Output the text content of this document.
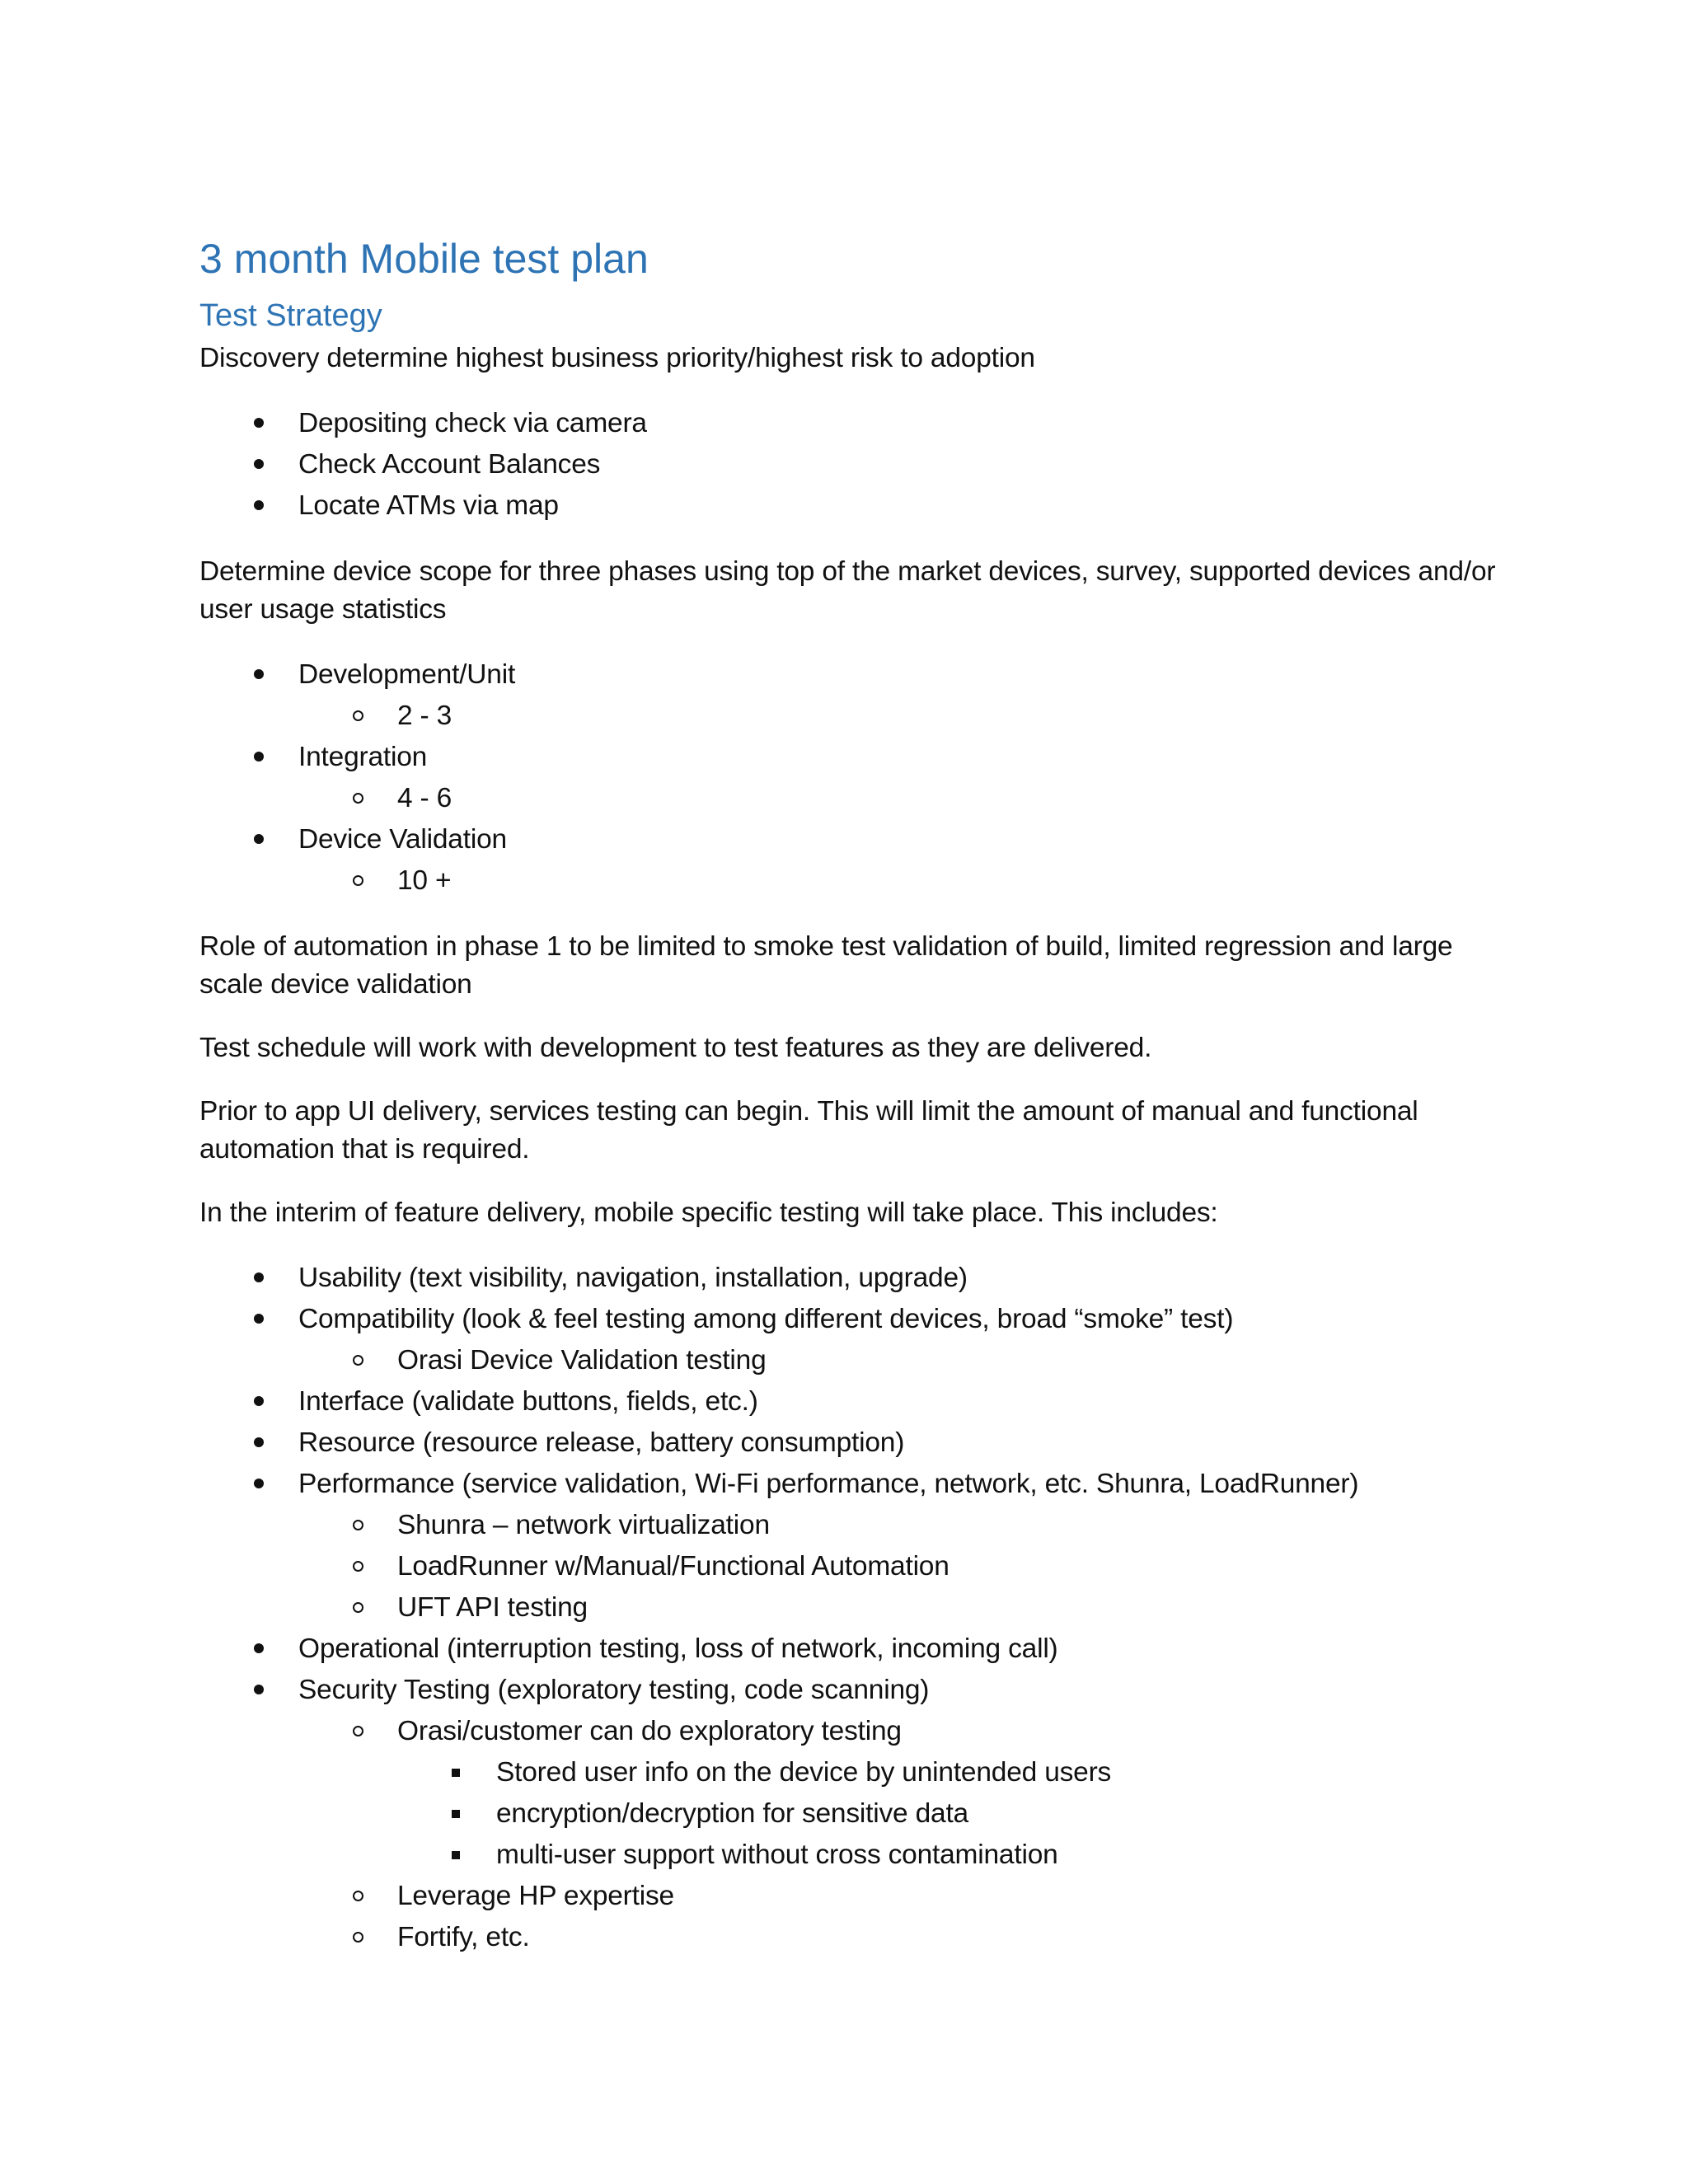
3 month Mobile test plan
Test Strategy

Discovery determine highest business priority/highest risk to adoption

Depositing check via camera
Check Account Balances
Locate ATMs via map

Determine device scope for three phases using top of the market devices, survey, supported devices and/or user usage statistics

Development/Unit
2 - 3
Integration
4 - 6
Device Validation
10 +

Role of automation in phase 1 to be limited to smoke test validation of build, limited regression and large scale device validation

Test schedule will work with development to test features as they are delivered.

Prior to app UI delivery, services testing can begin. This will limit the amount of manual and functional automation that is required.

In the interim of feature delivery, mobile specific testing will take place. This includes:

Usability (text visibility, navigation, installation, upgrade)
Compatibility (look & feel testing among different devices, broad “smoke” test)
Orasi Device Validation testing
Interface (validate buttons, fields, etc.)
Resource (resource release, battery consumption)
Performance (service validation, Wi-Fi performance, network, etc. Shunra, LoadRunner)
Shunra – network virtualization
LoadRunner w/Manual/Functional Automation
UFT API testing
Operational (interruption testing, loss of network, incoming call)
Security Testing (exploratory testing, code scanning)
Orasi/customer can do exploratory testing
Stored user info on the device by unintended users
encryption/decryption for sensitive data
multi-user support without cross contamination
Leverage HP expertise
Fortify, etc.
